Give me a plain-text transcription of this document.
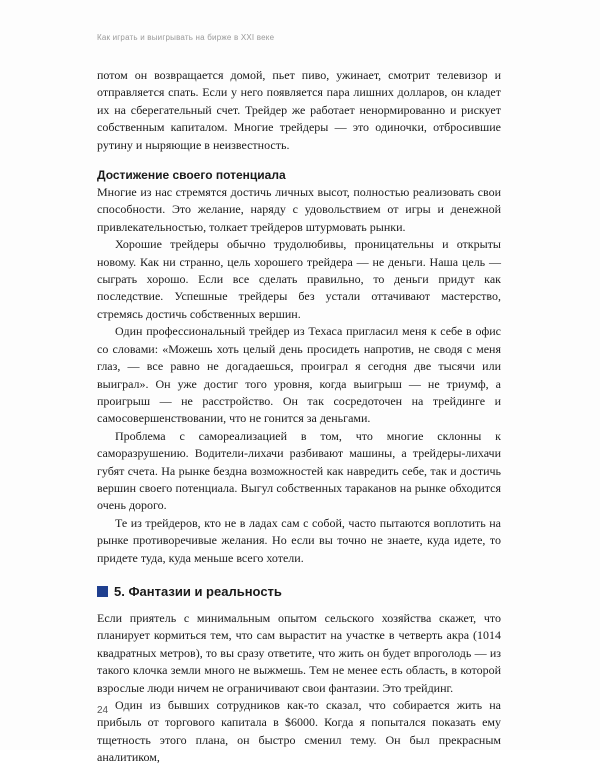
Как играть и выигрывать на бирже в XXI веке

потом он возвращается домой, пьет пиво, ужинает, смотрит телевизор и отправляется спать. Если у него появляется пара лишних долларов, он кладет их на сберегательный счет. Трейдер же работает ненормированно и рискует собственным капиталом. Многие трейдеры — это одиночки, отбросившие рутину и ныряющие в неизвестность.

Достижение своего потенциала

Многие из нас стремятся достичь личных высот, полностью реализовать свои способности. Это желание, наряду с удовольствием от игры и денежной привлекательностью, толкает трейдеров штурмовать рынки.

Хорошие трейдеры обычно трудолюбивы, проницательны и открыты новому. Как ни странно, цель хорошего трейдера — не деньги. Наша цель — сыграть хорошо. Если все сделать правильно, то деньги придут как последствие. Успешные трейдеры без устали оттачивают мастерство, стремясь достичь собственных вершин.

Один профессиональный трейдер из Техаса пригласил меня к себе в офис со словами: «Можешь хоть целый день просидеть напротив, не сводя с меня глаз, — все равно не догадаешься, проиграл я сегодня две тысячи или выиграл». Он уже достиг того уровня, когда выигрыш — не триумф, а проигрыш — не расстройство. Он так сосредоточен на трейдинге и самосовершенствовании, что не гонится за деньгами.

Проблема с самореализацией в том, что многие склонны к саморазрушению. Водители-лихачи разбивают машины, а трейдеры-лихачи губят счета. На рынке бездна возможностей как навредить себе, так и достичь вершин своего потенциала. Выгул собственных тараканов на рынке обходится очень дорого.

Те из трейдеров, кто не в ладах сам с собой, часто пытаются воплотить на рынке противоречивые желания. Но если вы точно не знаете, куда идете, то придете туда, куда меньше всего хотели.

5. Фантазии и реальность

Если приятель с минимальным опытом сельского хозяйства скажет, что планирует кормиться тем, что сам вырастит на участке в четверть акра (1014 квадратных метров), то вы сразу ответите, что жить он будет впроголодь — из такого клочка земли много не выжмешь. Тем не менее есть область, в которой взрослые люди ничем не ограничивают свои фантазии. Это трейдинг.

Один из бывших сотрудников как-то сказал, что собирается жить на прибыль от торгового капитала в $6000. Когда я попытался показать ему тщетность этого плана, он быстро сменил тему. Он был прекрасным аналитиком,

24
